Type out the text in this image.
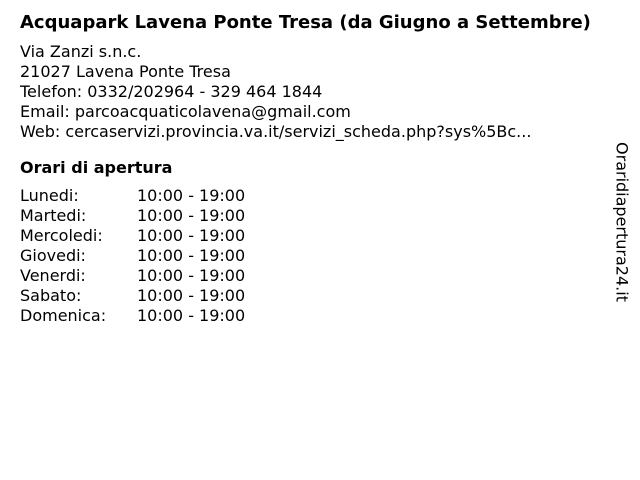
Acquapark Lavena Ponte Tresa (da Giugno a Settembre)
Via Zanzi s.n.c.
21027 Lavena Ponte Tresa
Telefon: 0332/202964 - 329 464 1844
Email: parcoacquaticolavena@gmail.com
Web: cercaservizi.provincia.va.it/servizi_scheda.php?sys%5Bc...
Orari di apertura
Lunedi:	10:00 - 19:00
Martedi:	10:00 - 19:00
Mercoledi:	10:00 - 19:00
Giovedi:	10:00 - 19:00
Venerdi:	10:00 - 19:00
Sabato:	10:00 - 19:00
Domenica:	10:00 - 19:00
Oraridiapertura24.it
